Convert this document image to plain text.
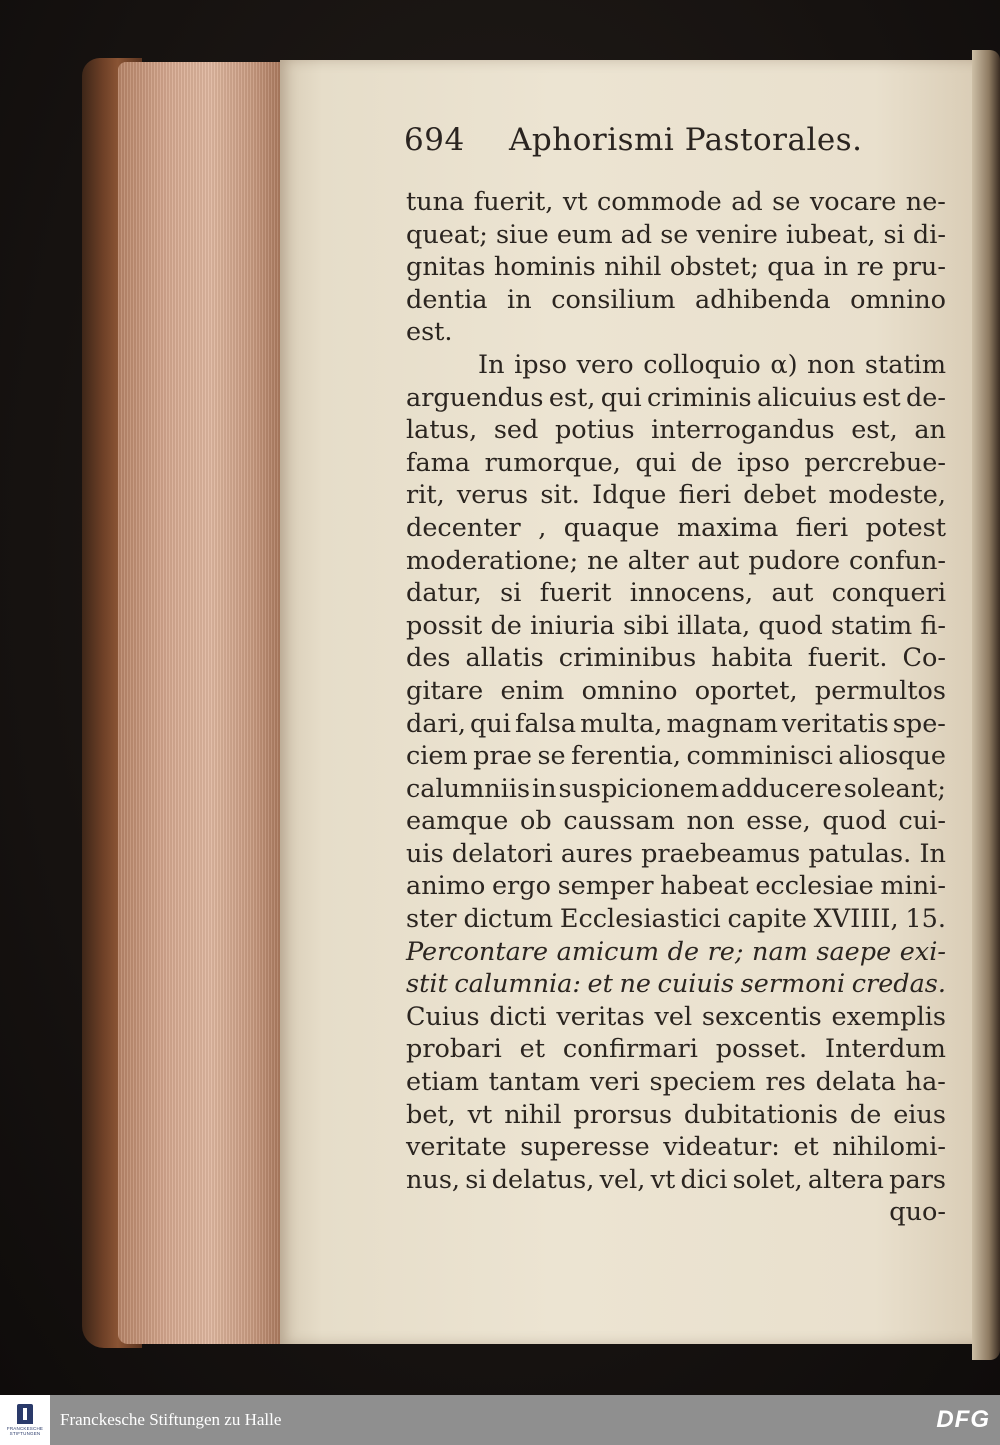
694 Aphorismi Pastorales.
tuna fuerit, vt commode ad se vocare ne-
queat; siue eum ad se venire iubeat, si di-
gnitas hominis nihil obstet; qua in re pru-
dentia in consilium adhibenda omnino
est.
In ipso vero colloquio α) non statim
arguendus est, qui criminis alicuius est de-
latus, sed potius interrogandus est, an
fama rumorque, qui de ipso percrebue-
rit, verus sit. Idque fieri debet modeste,
decenter , quaque maxima fieri potest
moderatione; ne alter aut pudore confun-
datur, si fuerit innocens, aut conqueri
possit de iniuria sibi illata, quod statim fi-
des allatis criminibus habita fuerit. Co-
gitare enim omnino oportet, permultos
dari, qui falsa multa, magnam veritatis spe-
ciem prae se ferentia, comminisci aliosque
calumniis in suspicionem adducere soleant;
eamque ob caussam non esse, quod cui-
uis delatori aures praebeamus patulas. In
animo ergo semper habeat ecclesiae mini-
ster dictum Ecclesiastici capite XVIIII, 15.
Percontare amicum de re; nam saepe exi-
stit calumnia: et ne cuiuis sermoni credas.
Cuius dicti veritas vel sexcentis exemplis
probari et confirmari posset. Interdum
etiam tantam veri speciem res delata ha-
bet, vt nihil prorsus dubitationis de eius
veritate superesse videatur: et nihilomi-
nus, si delatus, vel, vt dici solet, altera pars
quo-
FRANCKESCHE
STIFTUNGEN
Franckesche Stiftungen zu Halle	DFG
